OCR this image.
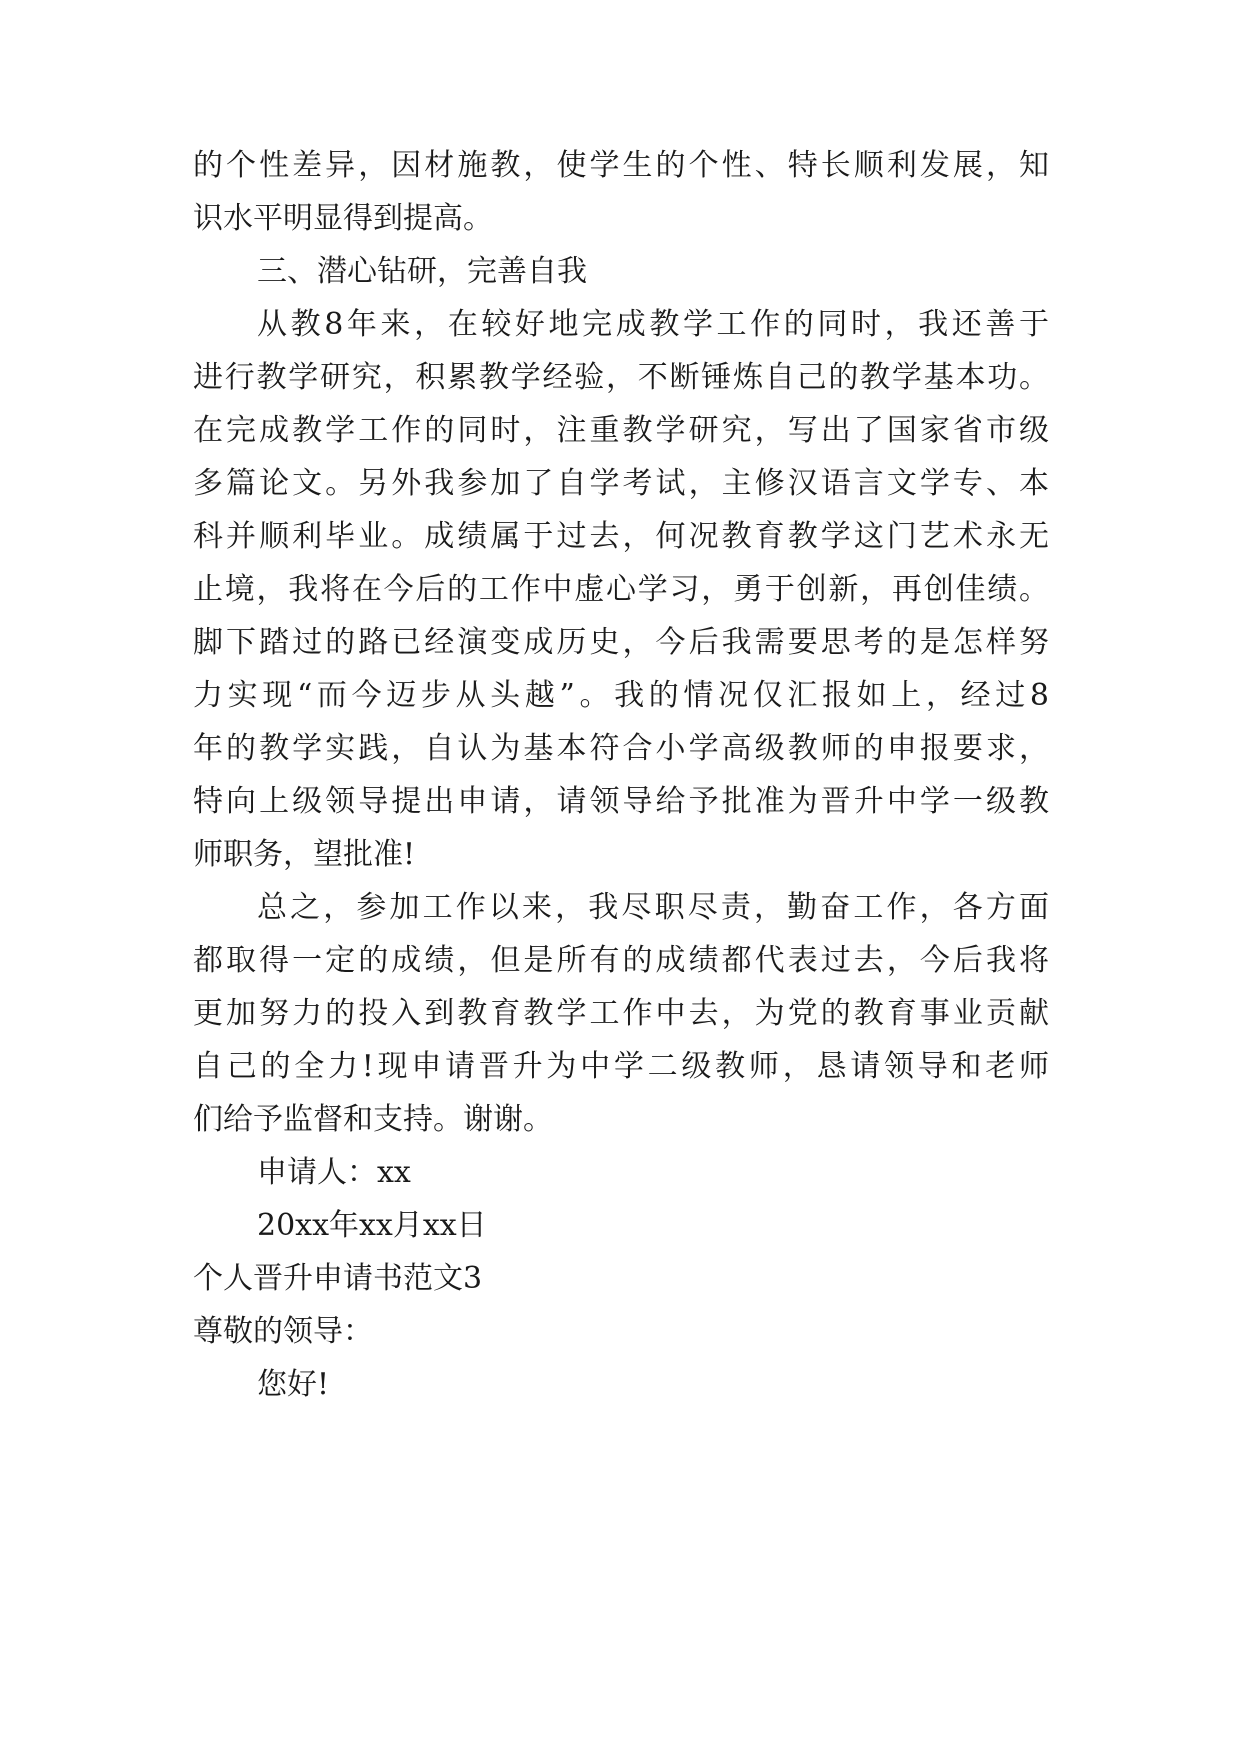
的个性差异，因材施教，使学生的个性、特长顺利发展，知
识水平明显得到提高。
三、潜心钻研，完善自我
从教8年来，在较好地完成教学工作的同时，我还善于
进行教学研究，积累教学经验，不断锤炼自己的教学基本功。
在完成教学工作的同时，注重教学研究，写出了国家省市级
多篇论文。另外我参加了自学考试，主修汉语言文学专、本
科并顺利毕业。成绩属于过去，何况教育教学这门艺术永无
止境，我将在今后的工作中虚心学习，勇于创新，再创佳绩。
脚下踏过的路已经演变成历史，今后我需要思考的是怎样努
力实现“而今迈步从头越”。我的情况仅汇报如上，经过8
年的教学实践，自认为基本符合小学高级教师的申报要求，
特向上级领导提出申请，请领导给予批准为晋升中学一级教
师职务，望批准!
总之，参加工作以来，我尽职尽责，勤奋工作，各方面
都取得一定的成绩，但是所有的成绩都代表过去，今后我将
更加努力的投入到教育教学工作中去，为党的教育事业贡献
自己的全力!现申请晋升为中学二级教师，恳请领导和老师
们给予监督和支持。谢谢。
申请人：xx
20xx年xx月xx日
个人晋升申请书范文3
尊敬的领导：
您好!
